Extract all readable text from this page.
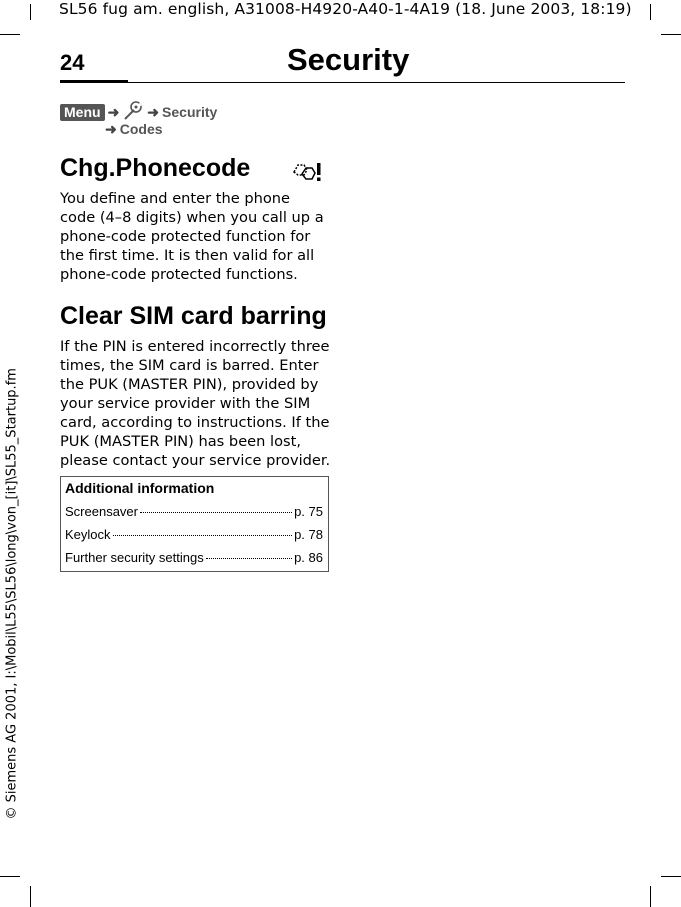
SL56 fug am. english, A31008-H4920-A40-1-4A19 (18. June 2003, 18:19)
© Siemens AG 2001, I:\Mobil\L55\SL56\long\von_[it]\SL55_Startup.fm
24	Security
Menu ➜ ➜ Security
➜ Codes
Chg.Phonecode
You define and enter the phone
code (4–8 digits) when you call up a
phone-code protected function for
the first time. It is then valid for all
phone-code protected functions.
Clear SIM card barring
If the PIN is entered incorrectly three
times, the SIM card is barred. Enter
the PUK (MASTER PIN), provided by
your service provider with the SIM
card, according to instructions. If the
PUK (MASTER PIN) has been lost,
please contact your service provider.
Additional information
Screensaver	p. 75
Keylock	p. 78
Further security settings	p. 86
